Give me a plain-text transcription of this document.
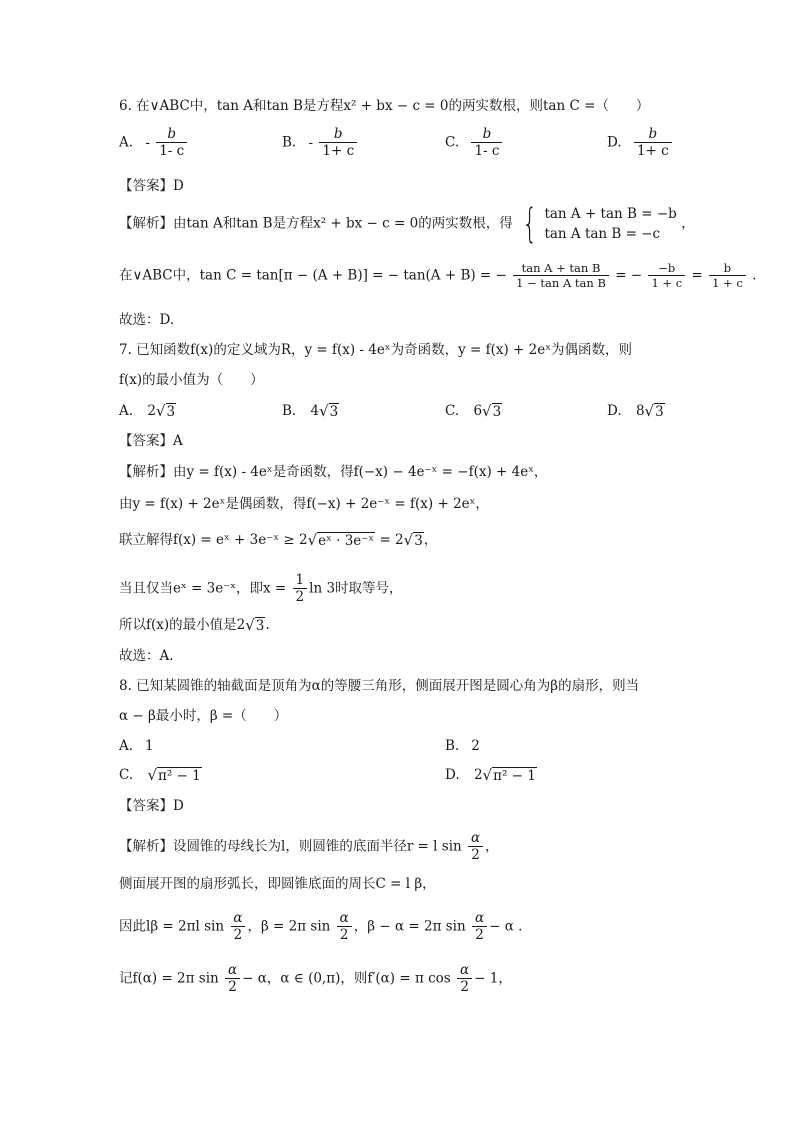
6. 在∨ABC中，tan A和tan B是方程x² + bx − c = 0的两实数根，则tan C =（　　）
A. - $\frac{b}{1- c}$	B. - $\frac{b}{1+ c}$	C. $\frac{b}{1- c}$	D. $\frac{b}{1+ c}$
【答案】D
【解析】由tan A和tan B是方程x² + bx − c = 0的两实数根，得 { tan A + tan B = −b
tan A tan B = −c
，
在∨ABC中，tan C = tan[π − (A + B)] = − tan(A + B) = − $\frac{\text{tan A + tan B}}{\text{1 − tan A tan B}}$ = − $\frac{-b}{1 + c} = \frac{b}{1 + c}$ .
故选：D.
7. 已知函数f(x)的定义域为R，y = f(x) - 4eˣ为奇函数，y = f(x) + 2eˣ为偶函数，则
f(x)的最小值为（　　）
A. 2√3	B. 4√3	C. 6√3	D. 8√3
【答案】A
【解析】由y = f(x) - 4eˣ是奇函数，得f(−x) − 4e⁻ˣ = −f(x) + 4eˣ，
由y = f(x) + 2eˣ是偶函数，得f(−x) + 2e⁻ˣ = f(x) + 2eˣ，
联立解得f(x) = eˣ + 3e⁻ˣ ≥ 2√eˣ · 3e⁻ˣ = 2√3，
当且仅当eˣ = 3e⁻ˣ，即$x = \frac{1}{2}$ ln 3时取等号，
所以f(x)的最小值是2√3.
故选：A.
8. 已知某圆锥的轴截面是顶角为α的等腰三角形，侧面展开图是圆心角为β的扇形，则当
α − β最小时，β =（　　）
A. 1	B. 2
C. √π² − 1	D. 2√π² − 1
【答案】D
【解析】设圆锥的母线长为l，则圆锥的底面半径r = l $\sin \frac{\alpha}{2}$ ，
侧面展开图的扇形弧长，即圆锥底面的周长C = l β，
因此lβ = 2πl $\sin \frac{\alpha}{2}$ ，β = 2π $\sin \frac{\alpha}{2}$ ，β − α = 2π $\sin \frac{\alpha}{2} - \alpha$ .
记f(α) = 2π $\sin \frac{\alpha}{2} - \alpha$，α ∈ (0,π)，则f′(α) = π $\cos \frac{\alpha}{2} - 1$，
